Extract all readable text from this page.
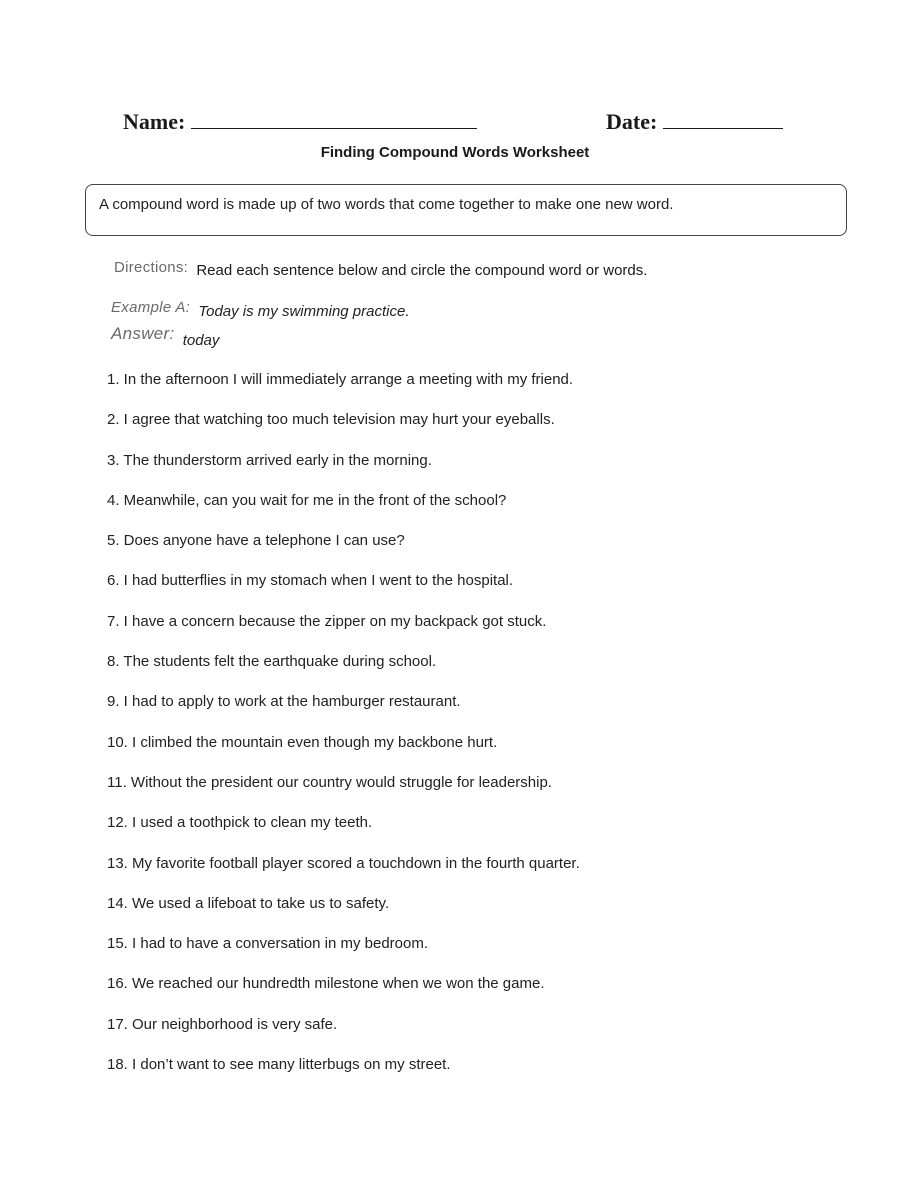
Name:	Date:
Finding Compound Words Worksheet
A compound word is made up of two words that come together to make one new word.
Directions: Read each sentence below and circle the compound word or words.
Example A: Today is my swimming practice.
Answer: today
1. In the afternoon I will immediately arrange a meeting with my friend.
2. I agree that watching too much television may hurt your eyeballs.
3. The thunderstorm arrived early in the morning.
4. Meanwhile, can you wait for me in the front of the school?
5. Does anyone have a telephone I can use?
6. I had butterflies in my stomach when I went to the hospital.
7. I have a concern because the zipper on my backpack got stuck.
8. The students felt the earthquake during school.
9. I had to apply to work at the hamburger restaurant.
10. I climbed the mountain even though my backbone hurt.
11. Without the president our country would struggle for leadership.
12. I used a toothpick to clean my teeth.
13. My favorite football player scored a touchdown in the fourth quarter.
14. We used a lifeboat to take us to safety.
15. I had to have a conversation in my bedroom.
16. We reached our hundredth milestone when we won the game.
17. Our neighborhood is very safe.
18. I don’t want to see many litterbugs on my street.
